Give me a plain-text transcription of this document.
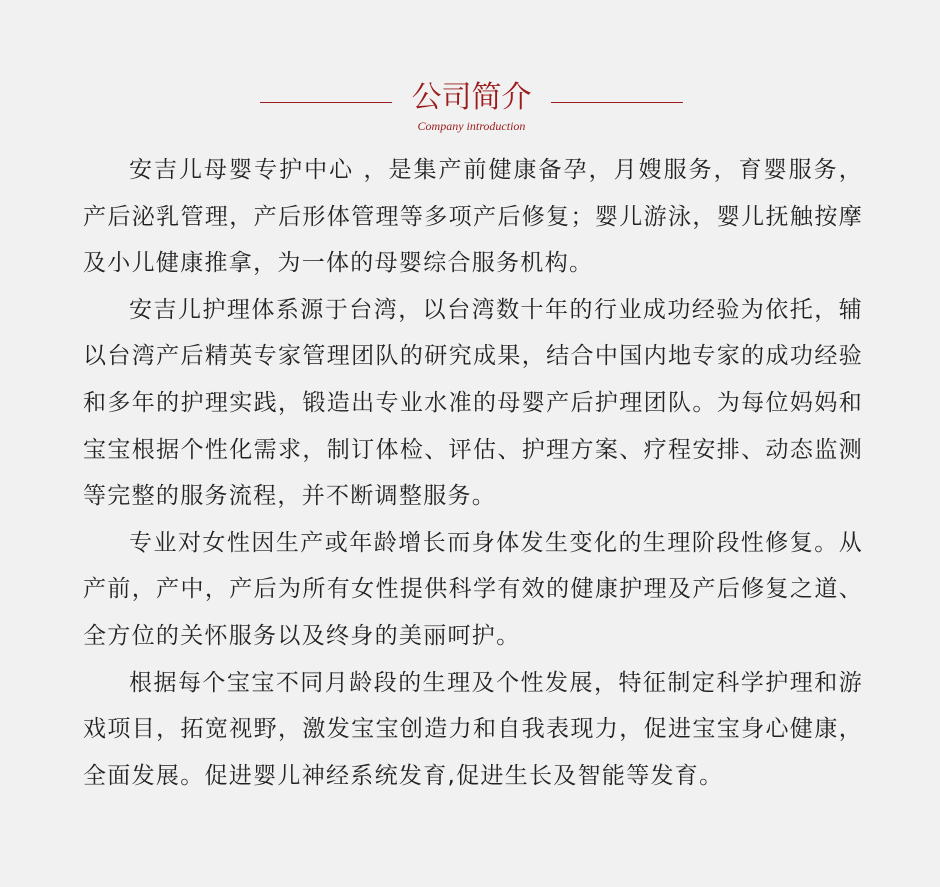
公司简介
Company introduction

安吉儿母婴专护中心 ，是集产前健康备孕，月嫂服务，育婴服务，产后泌乳管理，产后形体管理等多项产后修复；婴儿游泳，婴儿抚触按摩及小儿健康推拿，为一体的母婴综合服务机构。

安吉儿护理体系源于台湾，以台湾数十年的行业成功经验为依托，辅以台湾产后精英专家管理团队的研究成果，结合中国内地专家的成功经验和多年的护理实践，锻造出专业水准的母婴产后护理团队。为每位妈妈和宝宝根据个性化需求，制订体检、评估、护理方案、疗程安排、动态监测等完整的服务流程，并不断调整服务。

专业对女性因生产或年龄增长而身体发生变化的生理阶段性修复。从产前，产中，产后为所有女性提供科学有效的健康护理及产后修复之道、全方位的关怀服务以及终身的美丽呵护。

根据每个宝宝不同月龄段的生理及个性发展，特征制定科学护理和游戏项目，拓宽视野，激发宝宝创造力和自我表现力，促进宝宝身心健康，全面发展。促进婴儿神经系统发育,促进生长及智能等发育。
